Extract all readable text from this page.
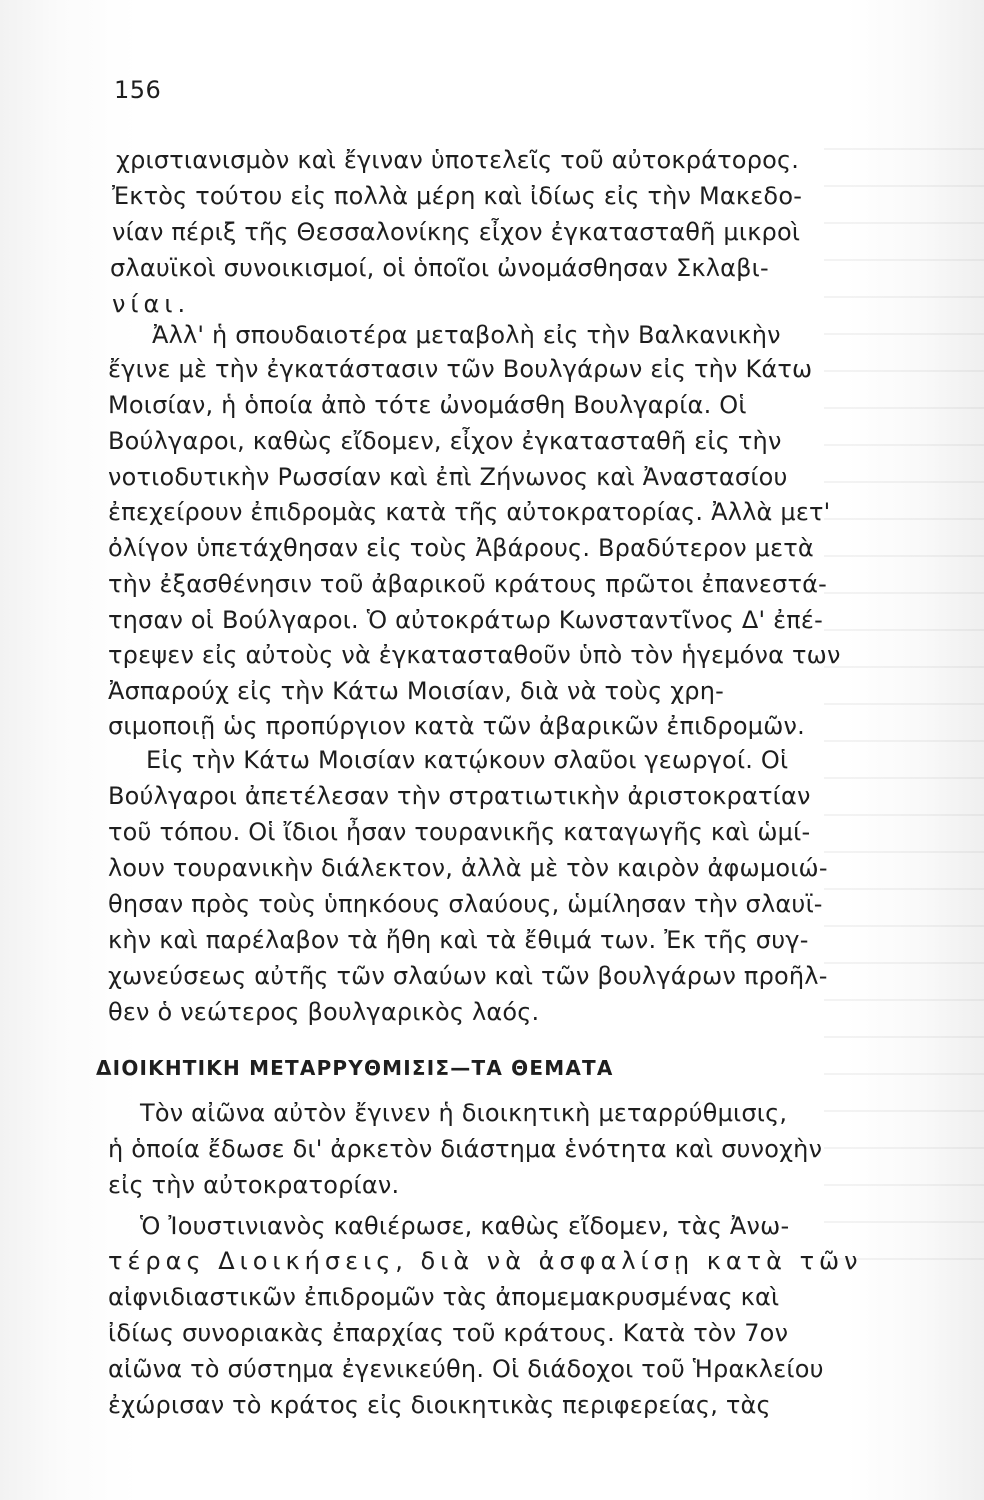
156

χριστιανισμὸν καὶ ἔγιναν ὑποτελεῖς τοῦ αὐτοκράτορος.

Ἐκτὸς τούτου εἰς πολλὰ μέρη καὶ ἰδίως εἰς τὴν Μακεδο-

νίαν πέριξ τῆς Θεσσαλονίκης εἶχον ἐγκατασταθῆ μικροὶ

σλαυϊκοὶ συνοικισμοί, οἱ ὁποῖοι ὠνομάσθησαν Σκλαβι-

νίαι.

Ἀλλ' ἡ σπουδαιοτέρα μεταβολὴ εἰς τὴν Βαλκανικὴν

ἔγινε μὲ τὴν ἐγκατάστασιν τῶν Βουλγάρων εἰς τὴν Κάτω

Μοισίαν, ἡ ὁποία ἀπὸ τότε ὠνομάσθη Βουλγαρία. Οἱ

Βούλγαροι, καθὼς εἴδομεν, εἶχον ἐγκατασταθῆ εἰς τὴν

νοτιοδυτικὴν Ρωσσίαν καὶ ἐπὶ Ζήνωνος καὶ Ἀναστασίου

ἐπεχείρουν ἐπιδρομὰς κατὰ τῆς αὐτοκρατορίας. Ἀλλὰ μετ'

ὀλίγον ὑπετάχθησαν εἰς τοὺς Ἀβάρους. Βραδύτερον μετὰ

τὴν ἐξασθένησιν τοῦ ἀβαρικοῦ κράτους πρῶτοι ἐπανεστά-

τησαν οἱ Βούλγαροι. Ὁ αὐτοκράτωρ Κωνσταντῖνος Δ' ἐπέ-

τρεψεν εἰς αὐτοὺς νὰ ἐγκατασταθοῦν ὑπὸ τὸν ἡγεμόνα των

Ἀσπαρούχ εἰς τὴν Κάτω Μοισίαν, διὰ νὰ τοὺς χρη-

σιμοποιῇ ὡς προπύργιον κατὰ τῶν ἀβαρικῶν ἐπιδρομῶν.

Εἰς τὴν Κάτω Μοισίαν κατῴκουν σλαῦοι γεωργοί. Οἱ

Βούλγαροι ἀπετέλεσαν τὴν στρατιωτικὴν ἀριστοκρατίαν

τοῦ τόπου. Οἱ ἴδιοι ἦσαν τουρανικῆς καταγωγῆς καὶ ὡμί-

λουν τουρανικὴν διάλεκτον, ἀλλὰ μὲ τὸν καιρὸν ἀφωμοιώ-

θησαν πρὸς τοὺς ὑπηκόους σλαύους, ὡμίλησαν τὴν σλαυϊ-

κὴν καὶ παρέλαβον τὰ ἤθη καὶ τὰ ἔθιμά των. Ἐκ τῆς συγ-

χωνεύσεως αὐτῆς τῶν σλαύων καὶ τῶν βουλγάρων προῆλ-

θεν ὁ νεώτερος βουλγαρικὸς λαός.

ΔΙΟΙΚΗΤΙΚΗ ΜΕΤΑΡΡΥΘΜΙΣΙΣ—ΤΑ ΘΕΜΑΤΑ

Τὸν αἰῶνα αὐτὸν ἔγινεν ἡ διοικητικὴ μεταρρύθμισις,

ἡ ὁποία ἔδωσε δι' ἀρκετὸν διάστημα ἑνότητα καὶ συνοχὴν

εἰς τὴν αὐτοκρατορίαν.

Ὁ Ἰουστινιανὸς καθιέρωσε, καθὼς εἴδομεν, τὰς Ἀνω-

τέρας Διοικήσεις, διὰ νὰ ἀσφαλίσῃ κατὰ τῶν

αἰφνιδιαστικῶν ἐπιδρομῶν τὰς ἀπομεμακρυσμένας καὶ

ἰδίως συνοριακὰς ἐπαρχίας τοῦ κράτους. Κατὰ τὸν 7ον

αἰῶνα τὸ σύστημα ἐγενικεύθη. Οἱ διάδοχοι τοῦ Ἡρακλείου

ἐχώρισαν τὸ κράτος εἰς διοικητικὰς περιφερείας, τὰς
